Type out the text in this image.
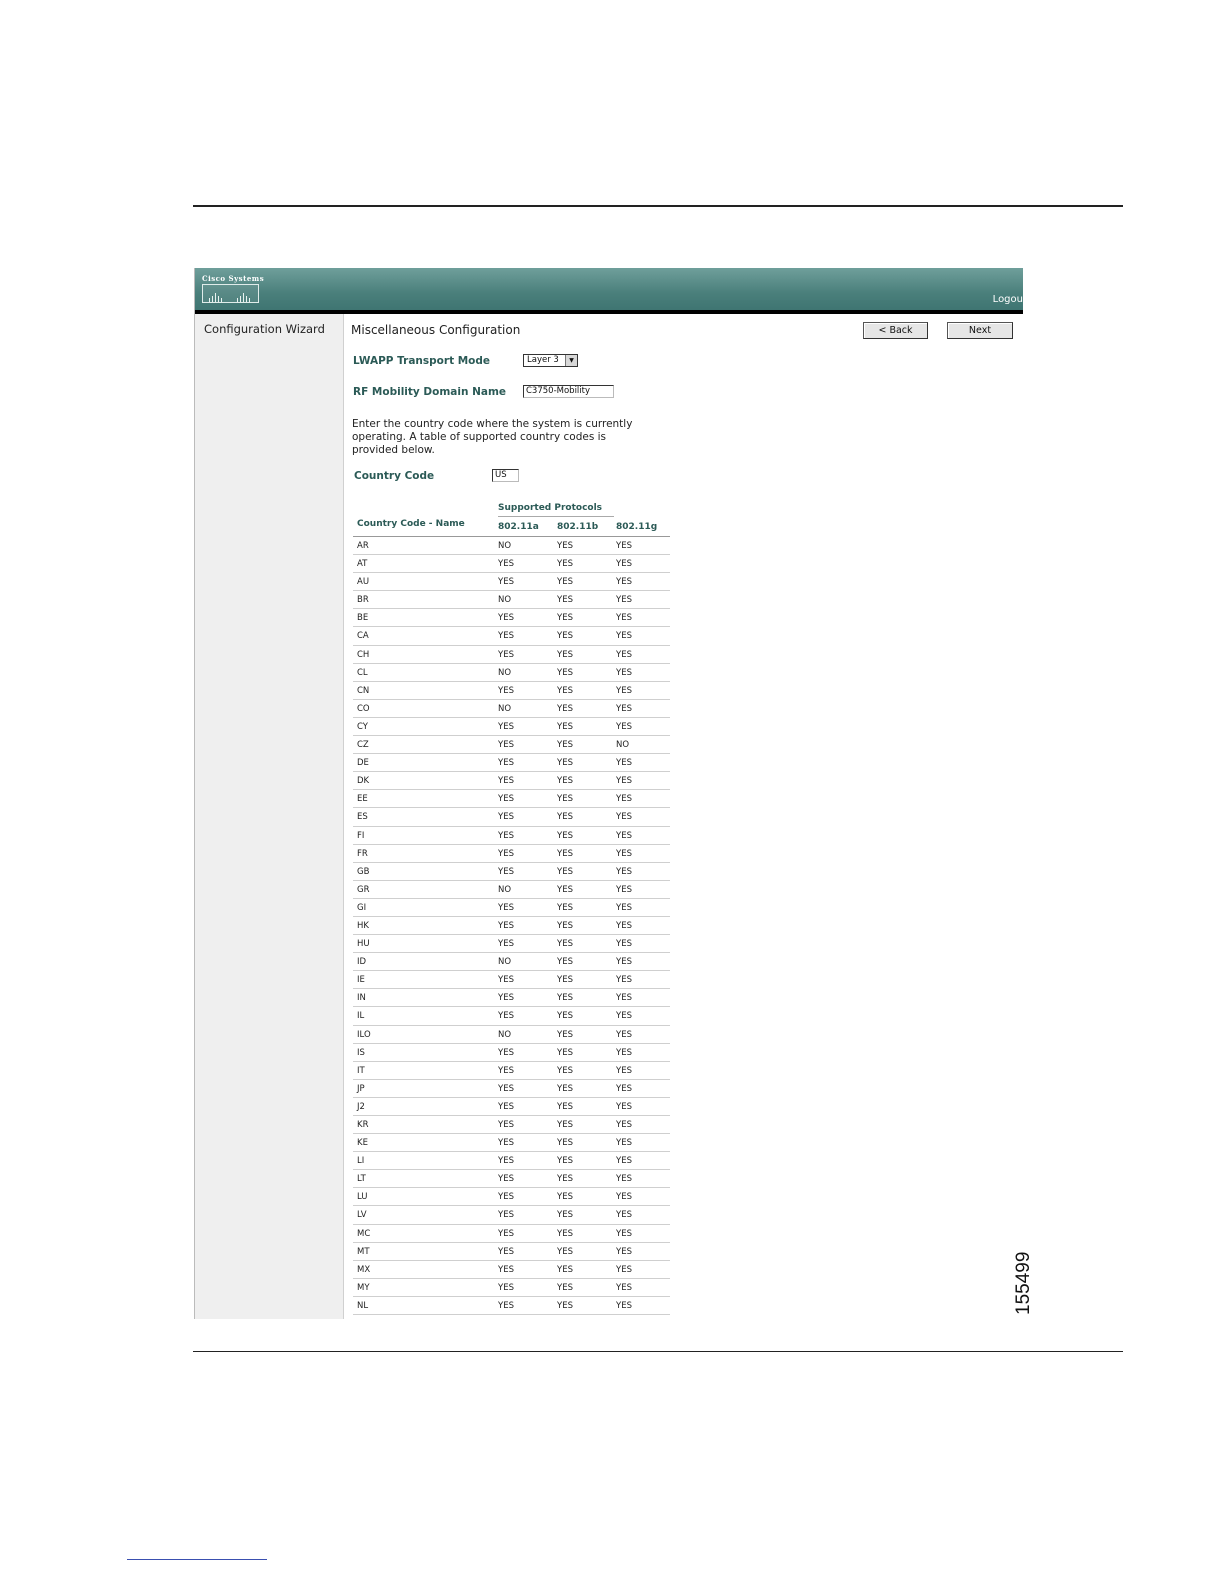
Cisco Systems
Logou
Configuration Wizard Miscellaneous Configuration	< Back	Next
LWAPP Transport Mode	Layer 3	▼
RF Mobility Domain Name	C3750-Mobility
Enter the country code where the system is currently operating. A table of supported country codes is provided below.
Country Code	US
Supported Protocols
Country Code - Name	802.11a 802.11b 802.11g
AR	NO	YES	YES
AT	YES	YES	YES
AU	YES	YES	YES
BR	NO	YES	YES
BE	YES	YES	YES
CA	YES	YES	YES
CH	YES	YES	YES
CL	NO	YES	YES
CN	YES	YES	YES
CO	NO	YES	YES
CY	YES	YES	YES
CZ	YES	YES	NO
DE	YES	YES	YES
DK	YES	YES	YES
EE	YES	YES	YES
ES	YES	YES	YES
FI	YES	YES	YES
FR	YES	YES	YES
GB	YES	YES	YES
GR	NO	YES	YES
GI	YES	YES	YES
HK	YES	YES	YES
HU	YES	YES	YES
ID	NO	YES	YES
IE	YES	YES	YES
IN	YES	YES	YES
IL	YES	YES	YES
ILO	NO	YES	YES
IS	YES	YES	YES
IT	YES	YES	YES
JP	YES	YES	YES
J2	YES	YES	YES
KR	YES	YES	YES
KE	YES	YES	YES
LI	YES	YES	YES
LT	YES	YES	YES
LU	YES	YES	YES
LV	YES	YES	YES
MC	YES	YES	YES
MT	YES	YES	YES
MX	YES	YES	YES
MY	YES	YES	YES
NL	YES	YES	YES	155499
